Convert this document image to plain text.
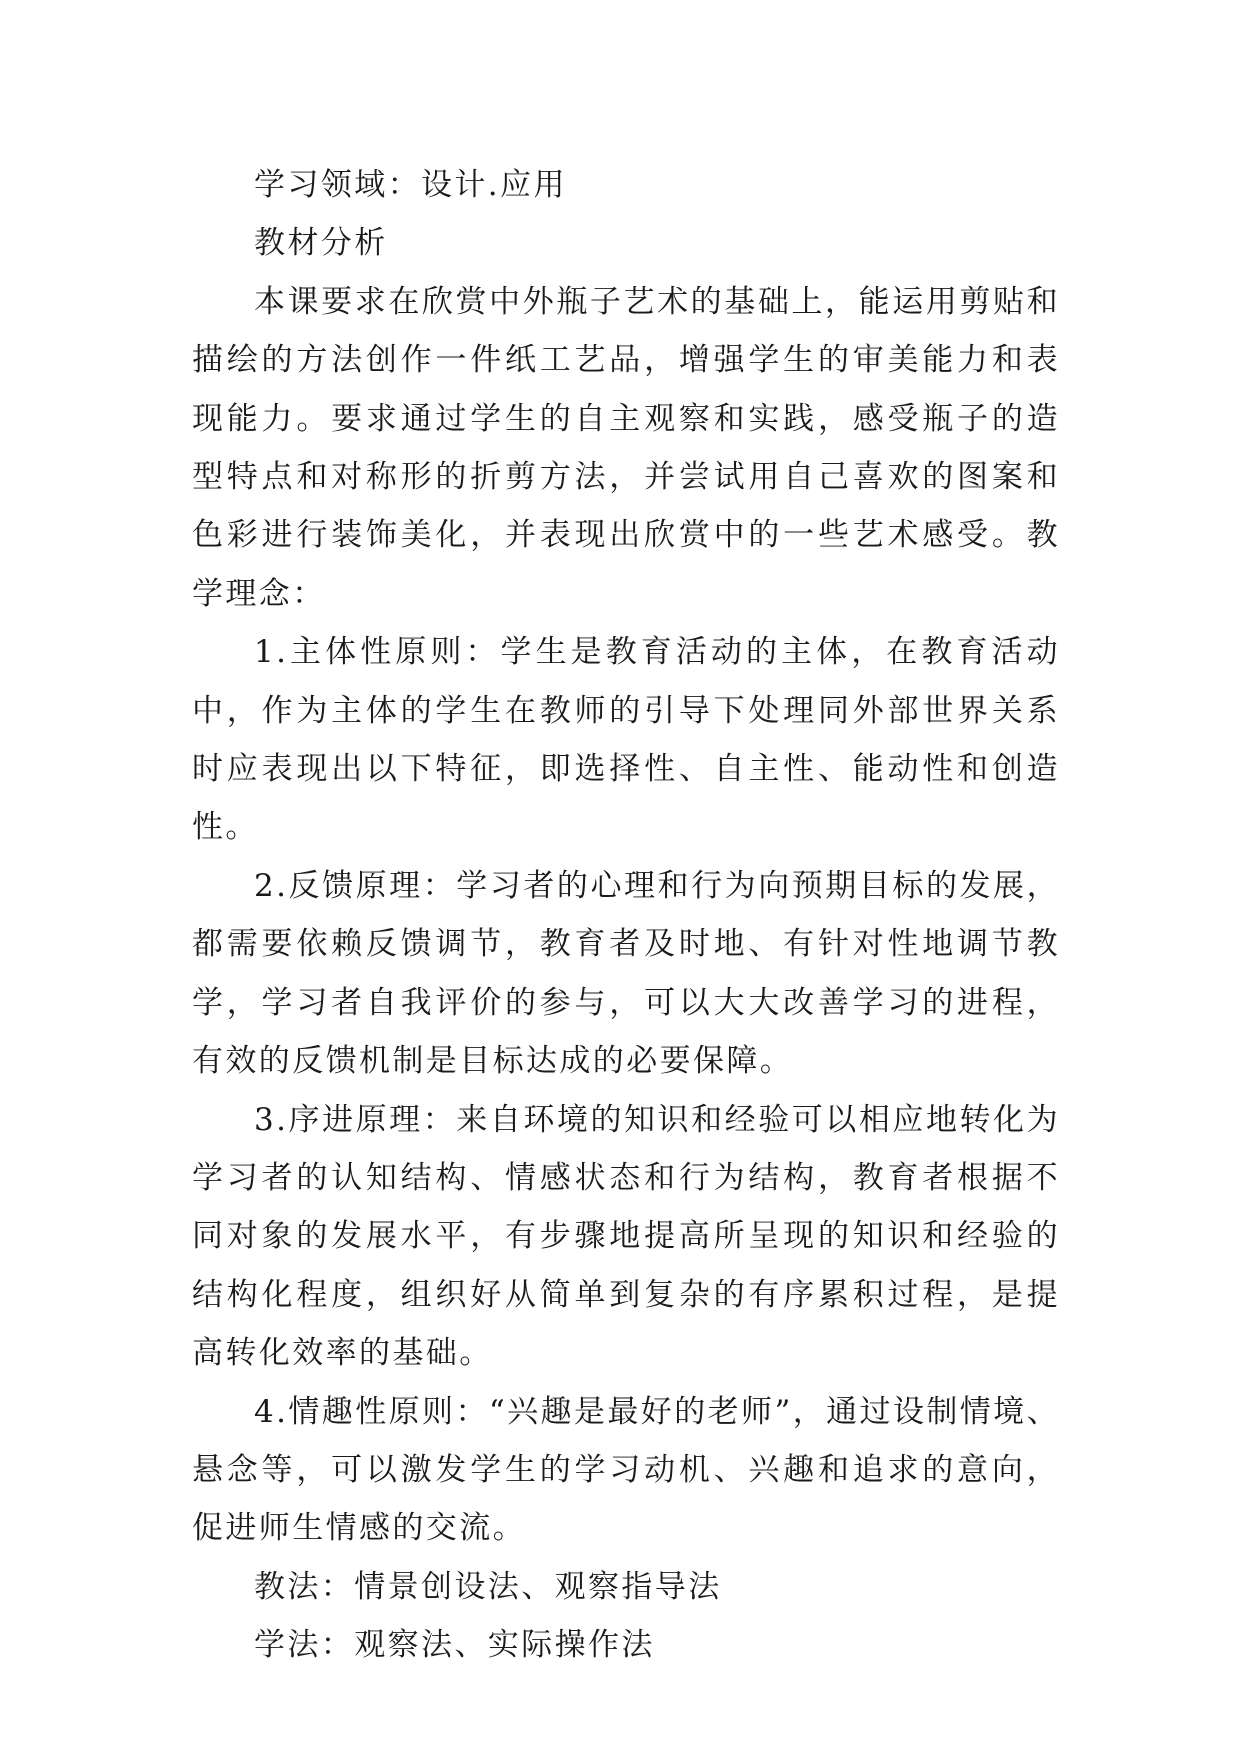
学习领域：设计.应用

教材分析

本课要求在欣赏中外瓶子艺术的基础上，能运用剪贴和描绘的方法创作一件纸工艺品，增强学生的审美能力和表现能力。要求通过学生的自主观察和实践，感受瓶子的造型特点和对称形的折剪方法，并尝试用自己喜欢的图案和色彩进行装饰美化，并表现出欣赏中的一些艺术感受。教学理念：

1.主体性原则：学生是教育活动的主体，在教育活动中，作为主体的学生在教师的引导下处理同外部世界关系时应表现出以下特征，即选择性、自主性、能动性和创造性。

2.反馈原理：学习者的心理和行为向预期目标的发展，都需要依赖反馈调节，教育者及时地、有针对性地调节教学，学习者自我评价的参与，可以大大改善学习的进程，有效的反馈机制是目标达成的必要保障。

3.序进原理：来自环境的知识和经验可以相应地转化为学习者的认知结构、情感状态和行为结构，教育者根据不同对象的发展水平，有步骤地提高所呈现的知识和经验的结构化程度，组织好从简单到复杂的有序累积过程，是提高转化效率的基础。

4.情趣性原则：“兴趣是最好的老师”，通过设制情境、悬念等，可以激发学生的学习动机、兴趣和追求的意向，促进师生情感的交流。

教法：情景创设法、观察指导法

学法：观察法、实际操作法
